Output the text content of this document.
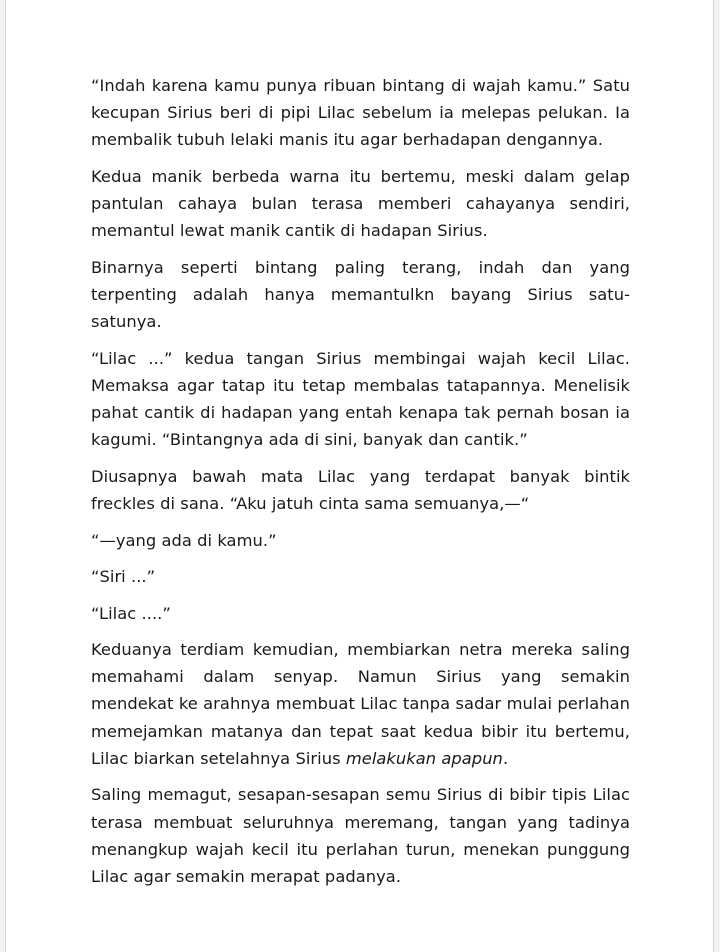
“Indah karena kamu punya ribuan bintang di wajah kamu.” Satu kecupan Sirius beri di pipi Lilac sebelum ia melepas pelukan. Ia membalik tubuh lelaki manis itu agar berhadapan dengannya.

Kedua manik berbeda warna itu bertemu, meski dalam gelap pantulan cahaya bulan terasa memberi cahayanya sendiri, memantul lewat manik cantik di hadapan Sirius.

Binarnya seperti bintang paling terang, indah dan yang terpenting adalah hanya memantulkn bayang Sirius satu-satunya.

“Lilac ...” kedua tangan Sirius membingai wajah kecil Lilac. Memaksa agar tatap itu tetap membalas tatapannya. Menelisik pahat cantik di hadapan yang entah kenapa tak pernah bosan ia kagumi. “Bintangnya ada di sini, banyak dan cantik.”

Diusapnya bawah mata Lilac yang terdapat banyak bintik freckles di sana. “Aku jatuh cinta sama semuanya,—“

“—yang ada di kamu.”

“Siri ...”

“Lilac ....”

Keduanya terdiam kemudian, membiarkan netra mereka saling memahami dalam senyap. Namun Sirius yang semakin mendekat ke arahnya membuat Lilac tanpa sadar mulai perlahan memejamkan matanya dan tepat saat kedua bibir itu bertemu, Lilac biarkan setelahnya Sirius melakukan apapun.

Saling memagut, sesapan-sesapan semu Sirius di bibir tipis Lilac terasa membuat seluruhnya meremang, tangan yang tadinya menangkup wajah kecil itu perlahan turun, menekan punggung Lilac agar semakin merapat padanya.
